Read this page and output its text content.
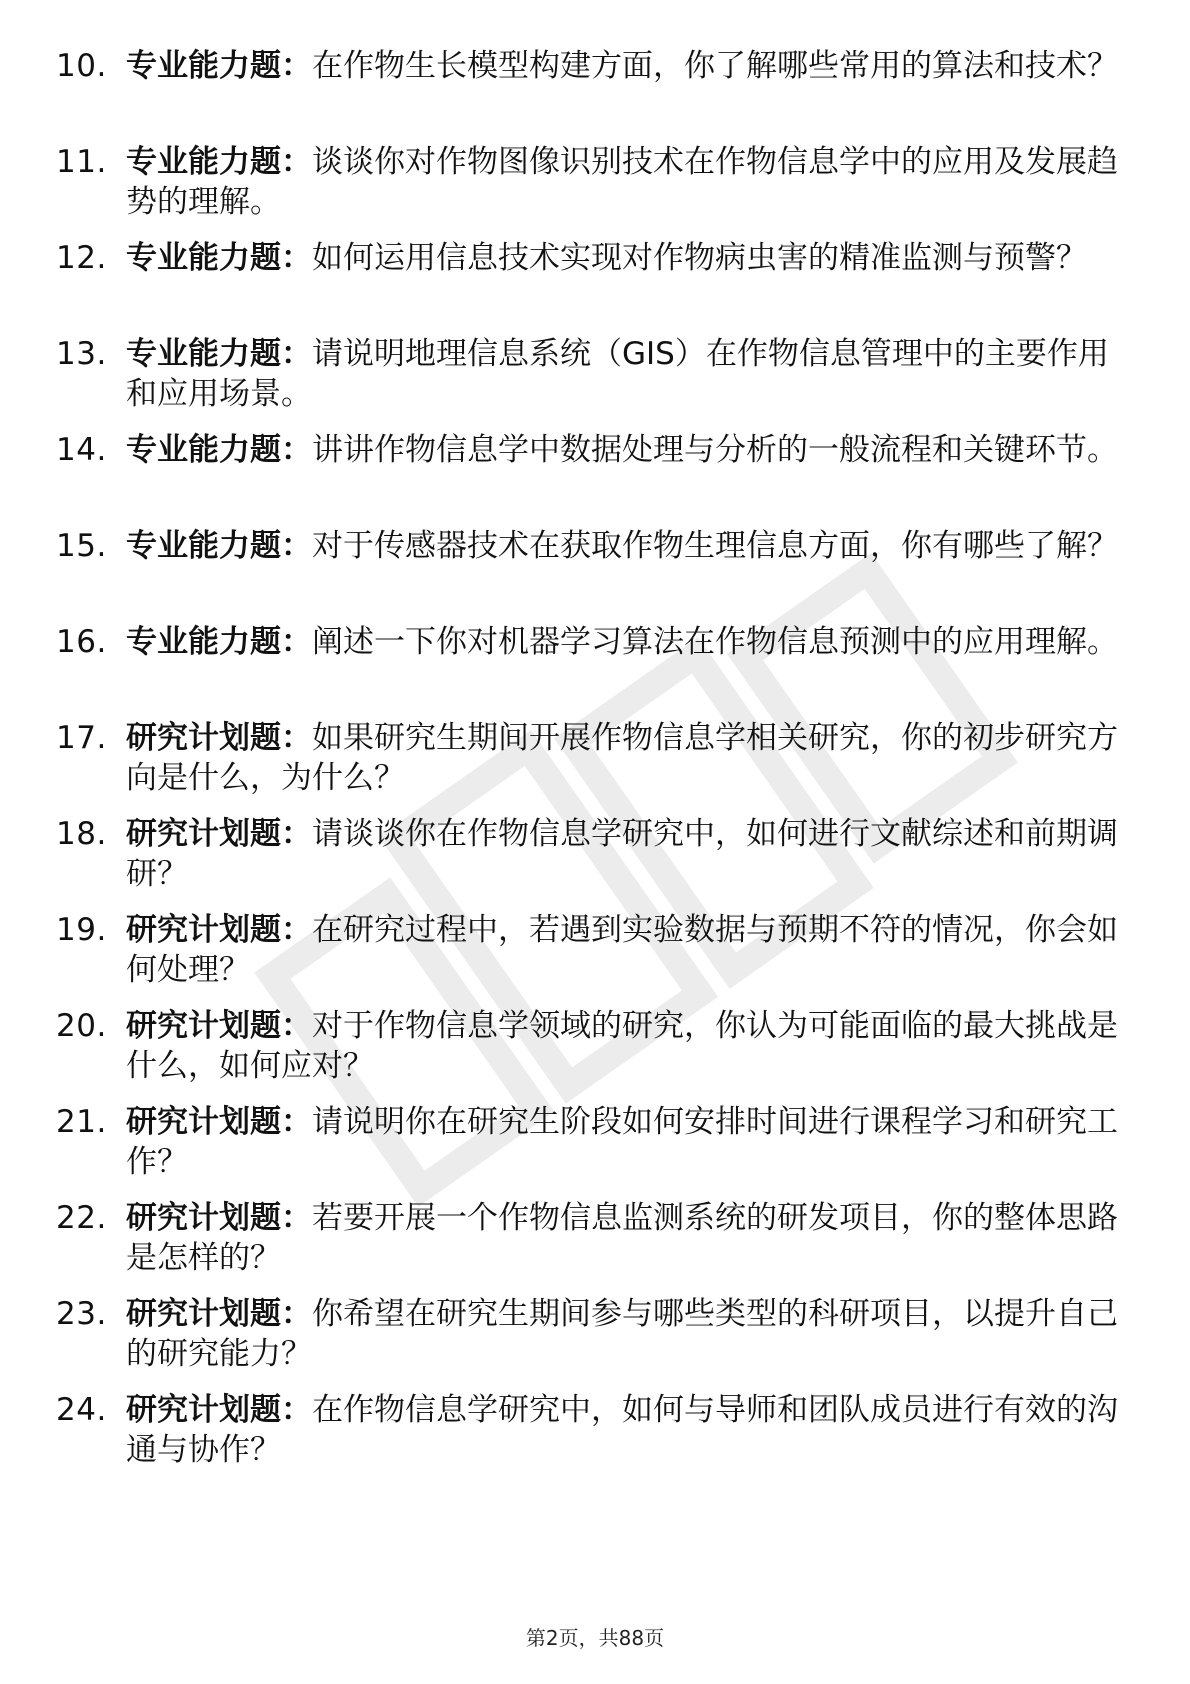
10. 专业能力题：在作物生长模型构建方面，你了解哪些常用的算法和技术？
11. 专业能力题：谈谈你对作物图像识别技术在作物信息学中的应用及发展趋势的理解。
12. 专业能力题：如何运用信息技术实现对作物病虫害的精准监测与预警？
13. 专业能力题：请说明地理信息系统（GIS）在作物信息管理中的主要作用和应用场景。
14. 专业能力题：讲讲作物信息学中数据处理与分析的一般流程和关键环节。
15. 专业能力题：对于传感器技术在获取作物生理信息方面，你有哪些了解？
16. 专业能力题：阐述一下你对机器学习算法在作物信息预测中的应用理解。
17. 研究计划题：如果研究生期间开展作物信息学相关研究，你的初步研究方向是什么，为什么？
18. 研究计划题：请谈谈你在作物信息学研究中，如何进行文献综述和前期调研？
19. 研究计划题：在研究过程中，若遇到实验数据与预期不符的情况，你会如何处理？
20. 研究计划题：对于作物信息学领域的研究，你认为可能面临的最大挑战是什么，如何应对？
21. 研究计划题：请说明你在研究生阶段如何安排时间进行课程学习和研究工作？
22. 研究计划题：若要开展一个作物信息监测系统的研发项目，你的整体思路是怎样的？
23. 研究计划题：你希望在研究生期间参与哪些类型的科研项目，以提升自己的研究能力？
24. 研究计划题：在作物信息学研究中，如何与导师和团队成员进行有效的沟通与协作？
第2页，共88页
